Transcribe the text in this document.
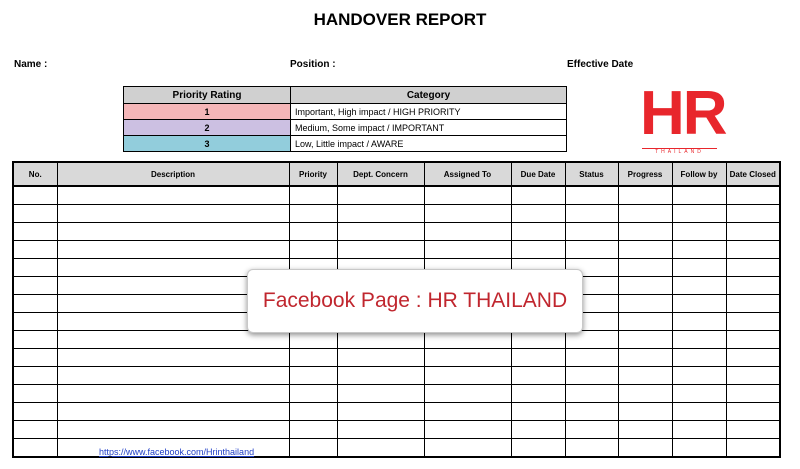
HANDOVER REPORT
Name :	Position :	Effective Date
Priority Rating	Category
1	Important, High impact / HIGH PRIORITY
2	Medium, Some impact / IMPORTANT
3	Low, Little impact / AWARE	HR
THAILAND
No.	Description	Priority	Dept. Concern	Assigned To	Due Date	Status	Progress	Follow by	Date Closed

https://www.facebook.com/Hrinthailand
Facebook Page : HR THAILAND
